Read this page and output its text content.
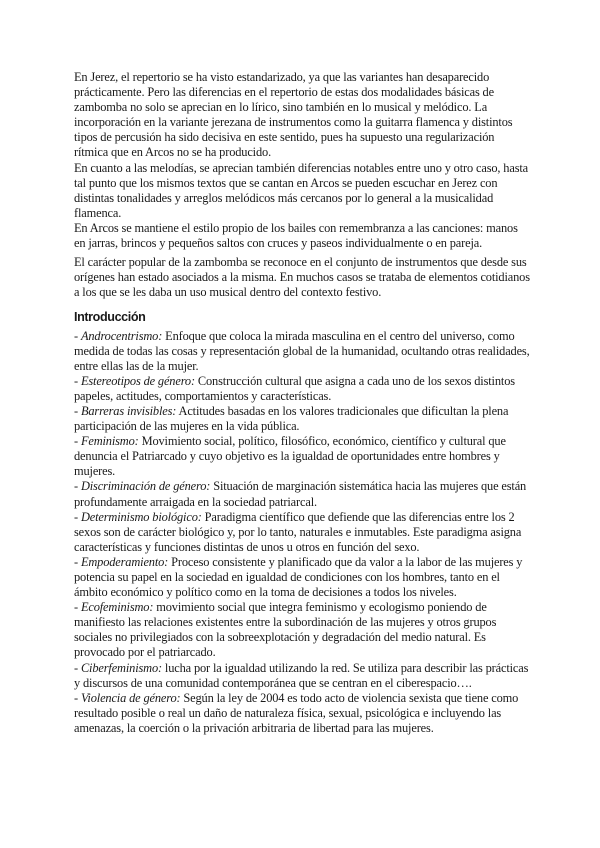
En Jerez, el repertorio se ha visto estandarizado, ya que las variantes han desaparecido prácticamente. Pero las diferencias en el repertorio de estas dos modalidades básicas de zambomba no solo se aprecian en lo lírico, sino también en lo musical y melódico. La incorporación en la variante jerezana de instrumentos como la guitarra flamenca y distintos tipos de percusión ha sido decisiva en este sentido, pues ha supuesto una regularización rítmica que en Arcos no se ha producido.

En cuanto a las melodías, se aprecian también diferencias notables entre uno y otro caso, hasta tal punto que los mismos textos que se cantan en Arcos se pueden escuchar en Jerez con distintas tonalidades y arreglos melódicos más cercanos por lo general a la musicalidad flamenca.

En Arcos se mantiene el estilo propio de los bailes con remembranza a las canciones: manos en jarras, brincos y pequeños saltos con cruces y paseos individualmente o en pareja.

El carácter popular de la zambomba se reconoce en el conjunto de instrumentos que desde sus orígenes han estado asociados a la misma. En muchos casos se trataba de elementos cotidianos a los que se les daba un uso musical dentro del contexto festivo.

Introducción

- Androcentrismo: Enfoque que coloca la mirada masculina en el centro del universo, como medida de todas las cosas y representación global de la humanidad, ocultando otras realidades, entre ellas las de la mujer.

- Estereotipos de género: Construcción cultural que asigna a cada uno de los sexos distintos papeles, actitudes, comportamientos y características.

- Barreras invisibles: Actitudes basadas en los valores tradicionales que dificultan la plena participación de las mujeres en la vida pública.

- Feminismo: Movimiento social, político, filosófico, económico, científico y cultural que denuncia el Patriarcado y cuyo objetivo es la igualdad de oportunidades entre hombres y mujeres.

- Discriminación de género: Situación de marginación sistemática hacia las mujeres que están profundamente arraigada en la sociedad patriarcal.

- Determinismo biológico: Paradigma científico que defiende que las diferencias entre los 2 sexos son de carácter biológico y, por lo tanto, naturales e inmutables. Este paradigma asigna características y funciones distintas de unos u otros en función del sexo.

- Empoderamiento: Proceso consistente y planificado que da valor a la labor de las mujeres y potencia su papel en la sociedad en igualdad de condiciones con los hombres, tanto en el ámbito económico y político como en la toma de decisiones a todos los niveles.

- Ecofeminismo: movimiento social que integra feminismo y ecologismo poniendo de manifiesto las relaciones existentes entre la subordinación de las mujeres y otros grupos sociales no privilegiados con la sobreexplotación y degradación del medio natural. Es provocado por el patriarcado.

- Ciberfeminismo: lucha por la igualdad utilizando la red. Se utiliza para describir las prácticas y discursos de una comunidad contemporánea que se centran en el ciberespacio….

- Violencia de género: Según la ley de 2004 es todo acto de violencia sexista que tiene como resultado posible o real un daño de naturaleza física, sexual, psicológica e incluyendo las amenazas, la coerción o la privación arbitraria de libertad para las mujeres.
